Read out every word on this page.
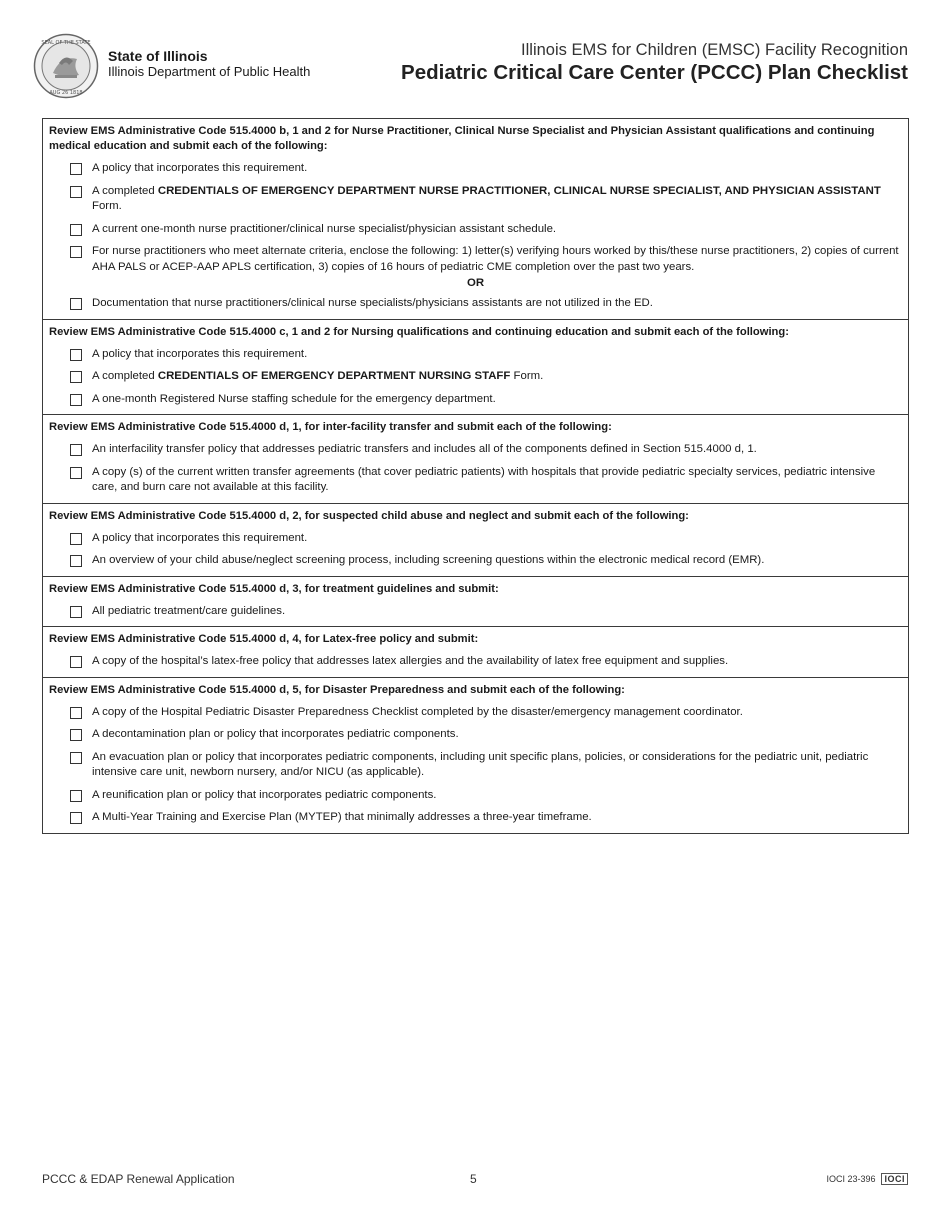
SEAL OF THE STATE
AUG 26 1818
State of Illinois
Illinois Department of Public Health
Illinois EMS for Children (EMSC) Facility Recognition
Pediatric Critical Care Center (PCCC) Plan Checklist
Review EMS Administrative Code 515.4000 b, 1 and 2 for Nurse Practitioner, Clinical Nurse Specialist and Physician Assistant qualifications and continuing medical education and submit each of the following:
A policy that incorporates this requirement.
A completed CREDENTIALS OF EMERGENCY DEPARTMENT NURSE PRACTITIONER, CLINICAL NURSE SPECIALIST, AND PHYSICIAN ASSISTANT Form.
A current one-month nurse practitioner/clinical nurse specialist/physician assistant schedule.
For nurse practitioners who meet alternate criteria, enclose the following: 1) letter(s) verifying hours worked by this/these nurse practitioners, 2) copies of current AHA PALS or ACEP-AAP APLS certification, 3) copies of 16 hours of pediatric CME completion over the past two years.
OR
Documentation that nurse practitioners/clinical nurse specialists/physicians assistants are not utilized in the ED.
Review EMS Administrative Code 515.4000 c, 1 and 2 for Nursing qualifications and continuing education and submit each of the following:
A policy that incorporates this requirement.
A completed CREDENTIALS OF EMERGENCY DEPARTMENT NURSING STAFF Form.
A one-month Registered Nurse staffing schedule for the emergency department.
Review EMS Administrative Code 515.4000 d, 1, for inter-facility transfer and submit each of the following:
An interfacility transfer policy that addresses pediatric transfers and includes all of the components defined in Section 515.4000 d, 1.
A copy (s) of the current written transfer agreements (that cover pediatric patients) with hospitals that provide pediatric specialty services, pediatric intensive care, and burn care not available at this facility.
Review EMS Administrative Code 515.4000 d, 2, for suspected child abuse and neglect and submit each of the following:
A policy that incorporates this requirement.
An overview of your child abuse/neglect screening process, including screening questions within the electronic medical record (EMR).
Review EMS Administrative Code 515.4000 d, 3, for treatment guidelines and submit:
All pediatric treatment/care guidelines.
Review EMS Administrative Code 515.4000 d, 4, for Latex-free policy and submit:
A copy of the hospital’s latex-free policy that addresses latex allergies and the availability of latex free equipment and supplies.
Review EMS Administrative Code 515.4000 d, 5, for Disaster Preparedness and submit each of the following:
A copy of the Hospital Pediatric Disaster Preparedness Checklist completed by the disaster/emergency management coordinator.
A decontamination plan or policy that incorporates pediatric components.
An evacuation plan or policy that incorporates pediatric components, including unit specific plans, policies, or considerations for the pediatric unit, pediatric intensive care unit, newborn nursery, and/or NICU (as applicable).
A reunification plan or policy that incorporates pediatric components.
A Multi-Year Training and Exercise Plan (MYTEP) that minimally addresses a three-year timeframe.
PCCC & EDAP Renewal Application	5	IOCI 23-396	IOCI
